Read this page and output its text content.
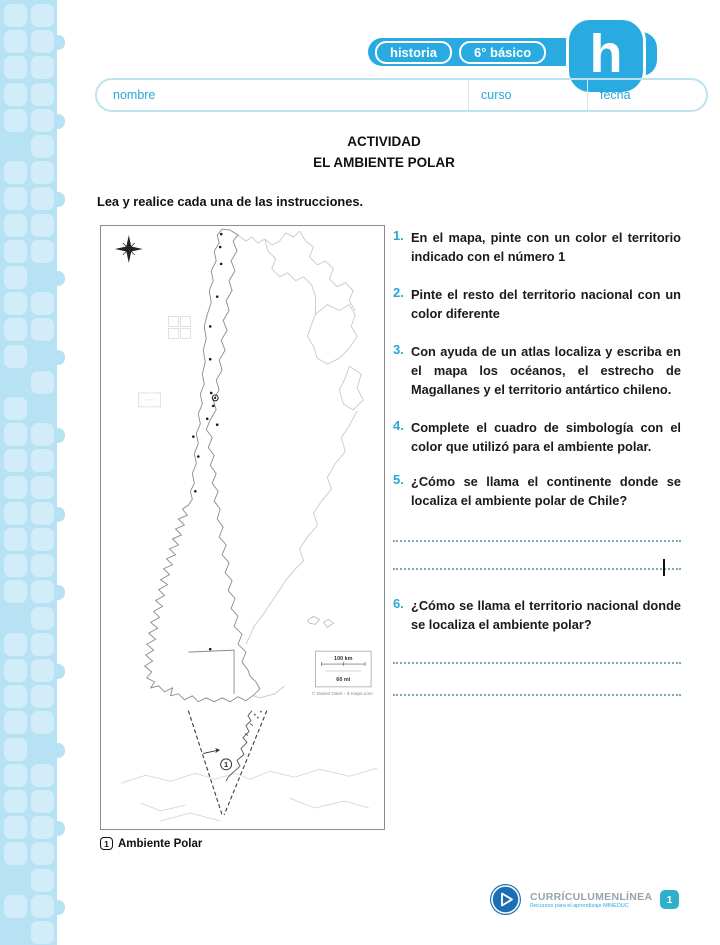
historia	6° básico h
nombre	curso	fecha
ACTIVIDAD
EL AMBIENTE POLAR
Lea y realice cada una de las instrucciones.
100 km
60 mi
© Daniel Dalet - d-maps.com
1
1 Ambiente Polar
1. En el mapa, pinte con un color el territorio indicado con el número 1
2. Pinte el resto del territorio nacional con un color diferente
3. Con ayuda de un atlas localiza y escriba en el mapa los océanos, el estrecho de Magallanes y el territorio antártico chileno.
4. Complete el cuadro de simbología con el color que utilizó para el ambiente polar.
5. ¿Cómo se llama el continente donde se localiza el ambiente polar de Chile?
6. ¿Cómo se llama el territorio nacional donde se localiza el ambiente polar?
CURRÍCULUMENLÍNEA
Recursos para el aprendizaje MINEDUC	1
